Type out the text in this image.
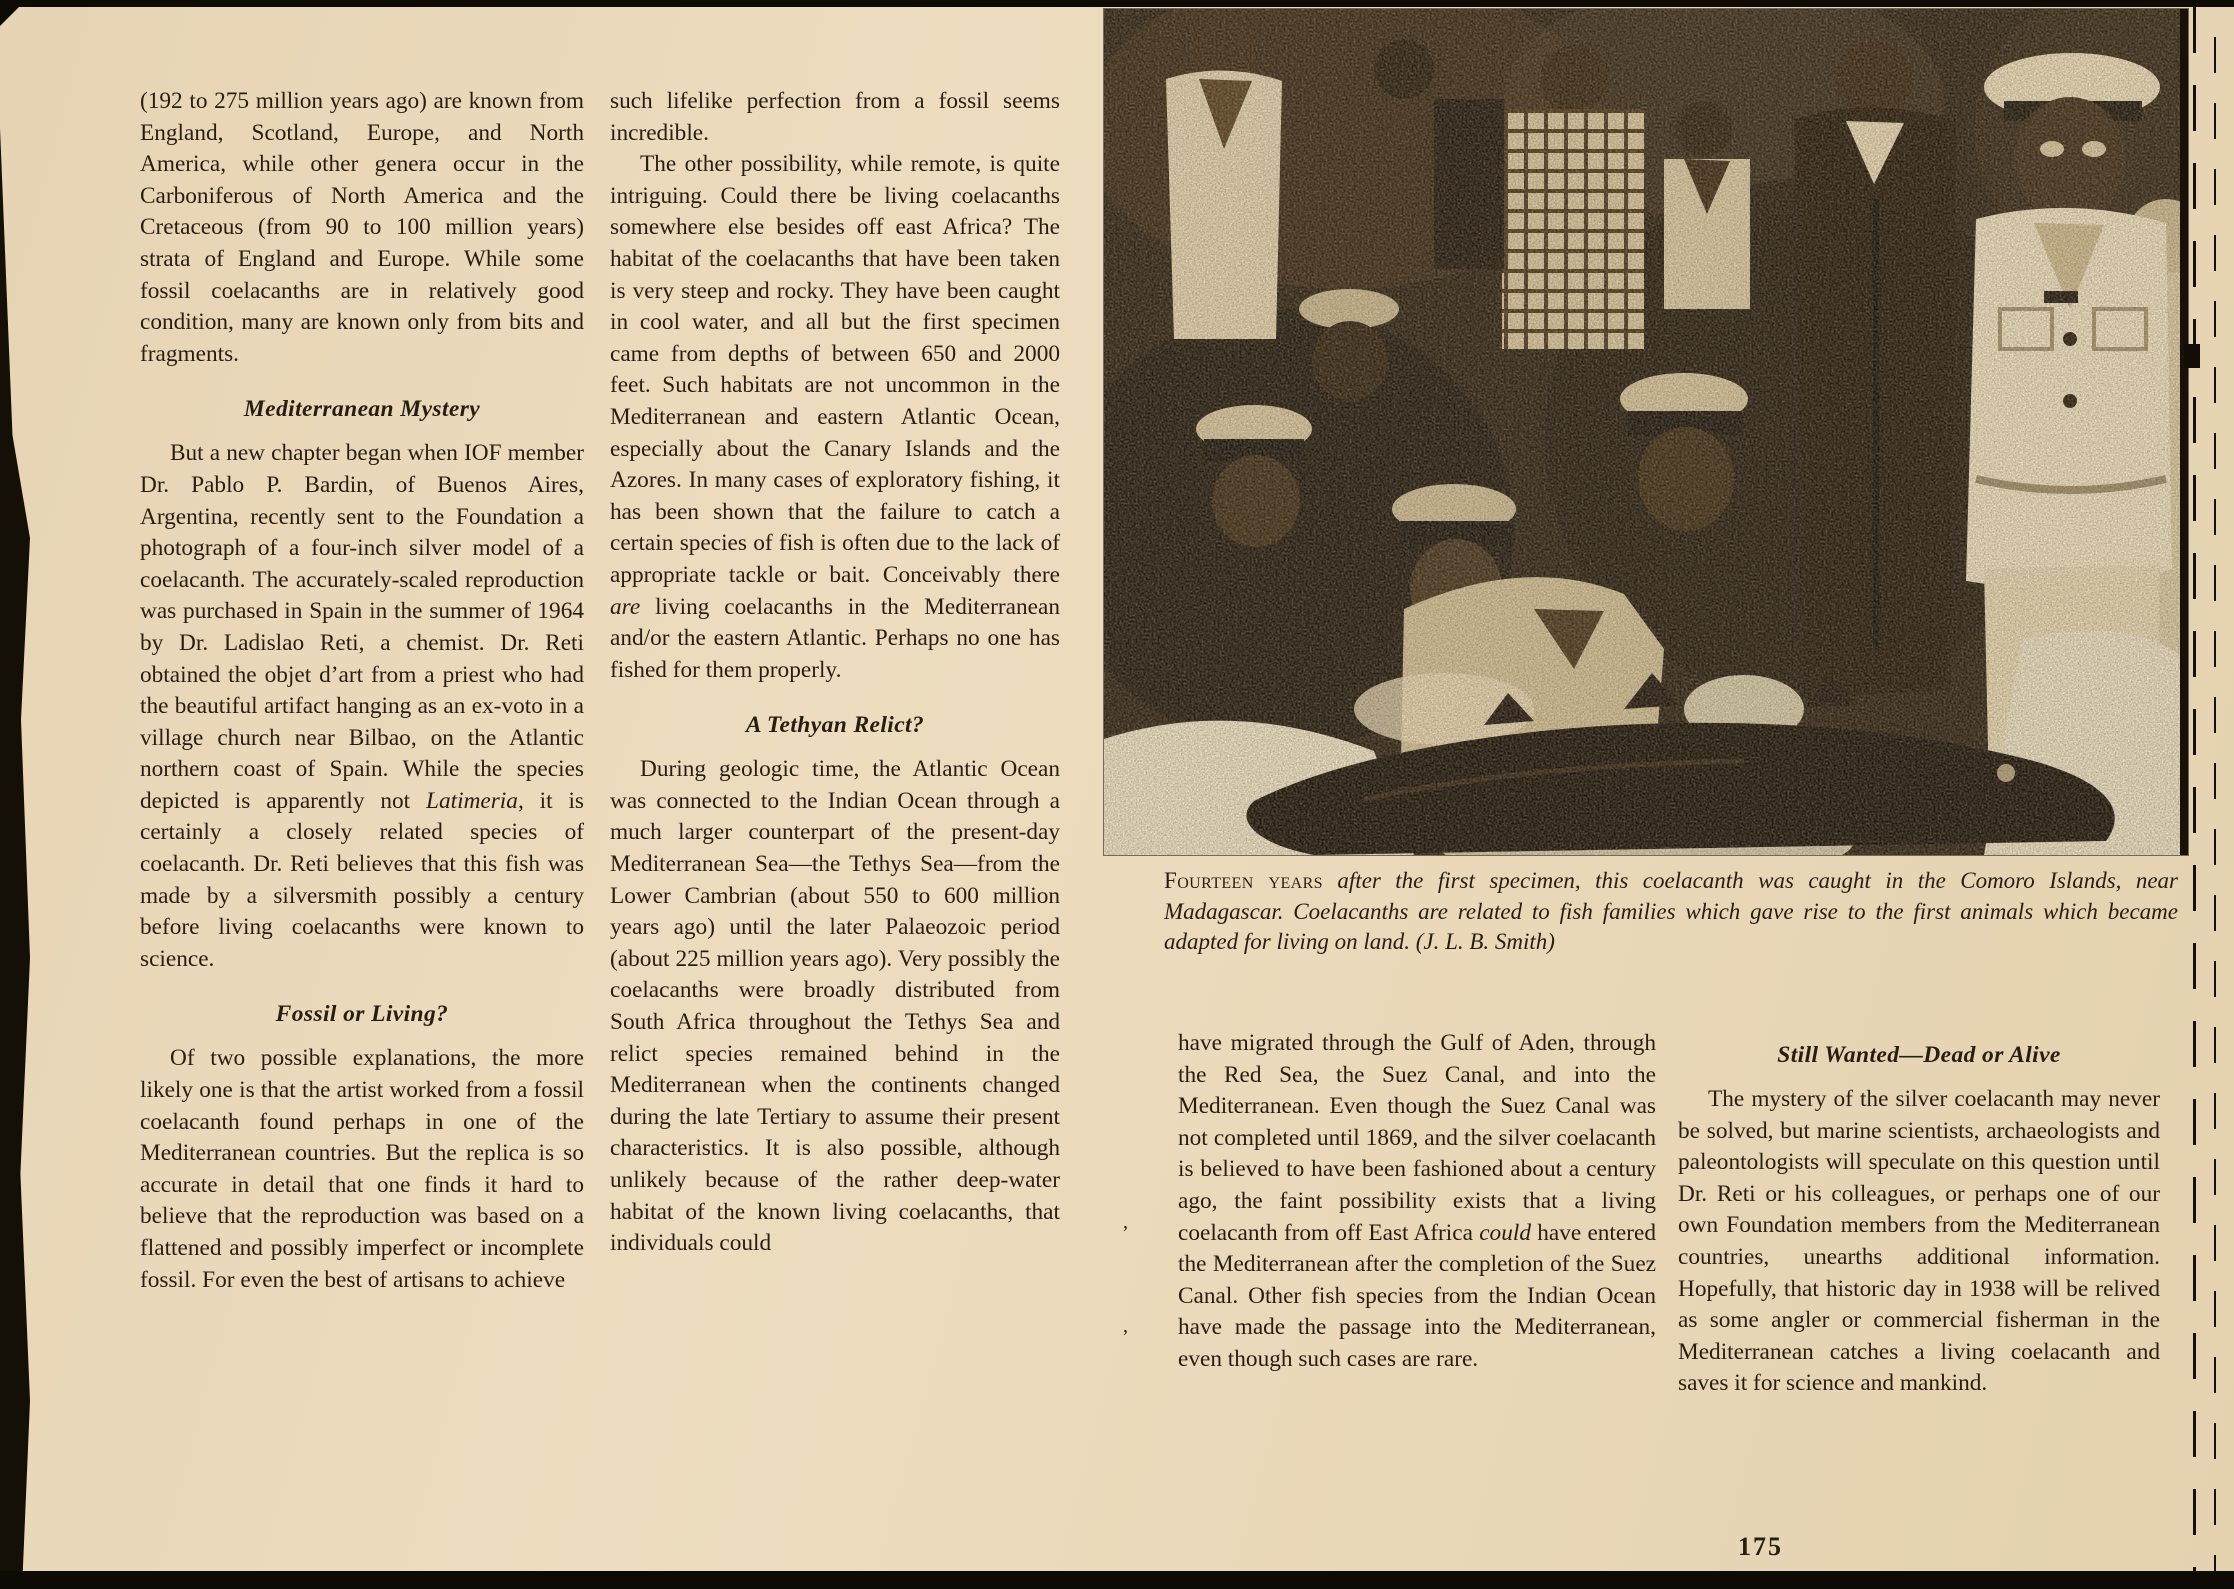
Fourteen years after the first specimen, this coelacanth was caught in the Comoro Islands, near Madagascar. Coelacanths are related to fish families which gave rise to the first animals which became adapted for living on land. (J. L. B. Smith)

(192 to 275 million years ago) are known from England, Scotland, Europe, and North America, while other genera occur in the Carboniferous of North America and the Cretaceous (from 90 to 100 million years) strata of England and Europe. While some fossil coelacanths are in relatively good condition, many are known only from bits and fragments.

Mediterranean Mystery

But a new chapter began when IOF member Dr. Pablo P. Bardin, of Buenos Aires, Argentina, recently sent to the Foundation a photograph of a four-inch silver model of a coelacanth. The accurately-scaled reproduction was purchased in Spain in the summer of 1964 by Dr. Ladislao Reti, a chemist. Dr. Reti obtained the objet d’art from a priest who had the beautiful artifact hanging as an ex-voto in a village church near Bilbao, on the Atlantic northern coast of Spain. While the species depicted is apparently not Latimeria, it is certainly a closely related species of coelacanth. Dr. Reti believes that this fish was made by a silversmith possibly a century before living coelacanths were known to science.

Fossil or Living?

Of two possible explanations, the more likely one is that the artist worked from a fossil coelacanth found perhaps in one of the Mediterranean countries. But the replica is so accurate in detail that one finds it hard to believe that the reproduction was based on a flattened and possibly imperfect or incomplete fossil. For even the best of artisans to achieve

such lifelike perfection from a fossil seems incredible.

The other possibility, while remote, is quite intriguing. Could there be living coelacanths somewhere else besides off east Africa? The habitat of the coelacanths that have been taken is very steep and rocky. They have been caught in cool water, and all but the first specimen came from depths of between 650 and 2000 feet. Such habitats are not uncommon in the Mediterranean and eastern Atlantic Ocean, especially about the Canary Islands and the Azores. In many cases of exploratory fishing, it has been shown that the failure to catch a certain species of fish is often due to the lack of appropriate tackle or bait. Conceivably there are living coelacanths in the Mediterranean and/or the eastern Atlantic. Perhaps no one has fished for them properly.

A Tethyan Relict?

During geologic time, the Atlantic Ocean was connected to the Indian Ocean through a much larger counterpart of the present-day Mediterranean Sea—the Tethys Sea—from the Lower Cambrian (about 550 to 600 million years ago) until the later Palaeozoic period (about 225 million years ago). Very possibly the coelacanths were broadly distributed from South Africa throughout the Tethys Sea and relict species remained behind in the Mediterranean when the continents changed during the late Tertiary to assume their present characteristics. It is also possible, although unlikely because of the rather deep-water habitat of the known living coelacanths, that individuals could

have migrated through the Gulf of Aden, through the Red Sea, the Suez Canal, and into the Mediterranean. Even though the Suez Canal was not completed until 1869, and the silver coelacanth is believed to have been fashioned about a century ago, the faint possibility exists that a living coelacanth from off East Africa could have entered the Mediterranean after the completion of the Suez Canal. Other fish species from the Indian Ocean have made the passage into the Mediterranean, even though such cases are rare.

Still Wanted—Dead or Alive

The mystery of the silver coelacanth may never be solved, but marine scientists, archaeologists and paleontologists will speculate on this question until Dr. Reti or his colleagues, or perhaps one of our own Foundation members from the Mediterranean countries, unearths additional information. Hopefully, that historic day in 1938 will be relived as some angler or commercial fisherman in the Mediterranean catches a living coelacanth and saves it for science and mankind.

175
’
’
